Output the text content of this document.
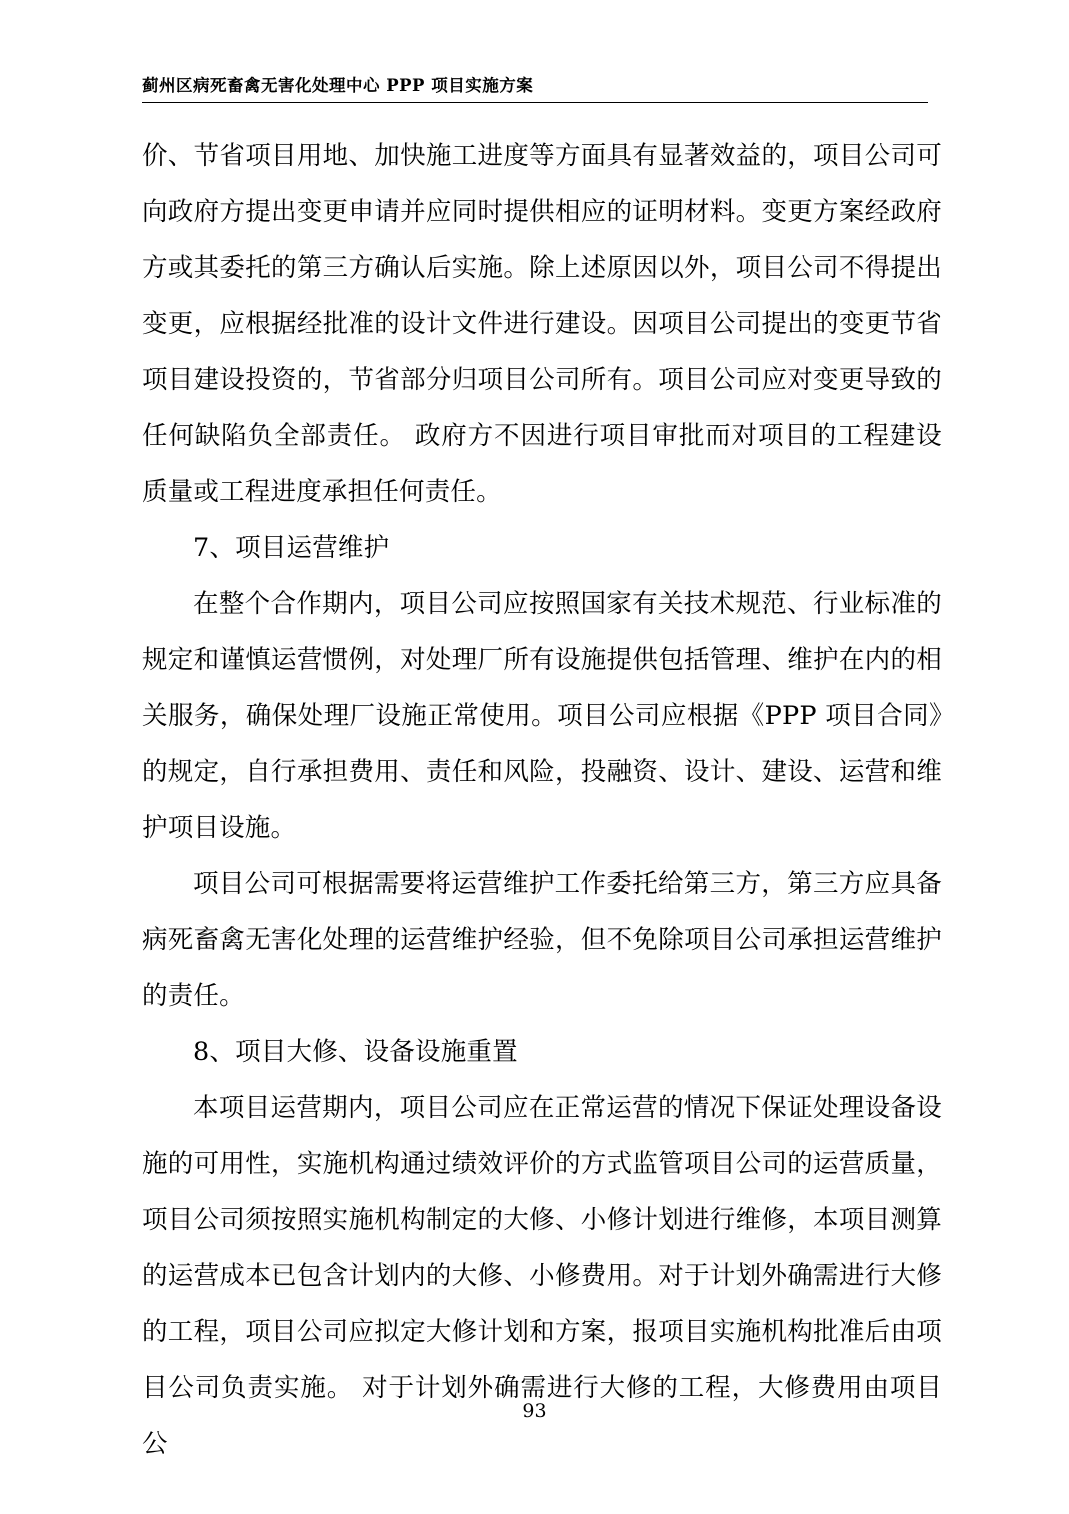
蓟州区病死畜禽无害化处理中心 PPP 项目实施方案

价、节省项目用地、加快施工进度等方面具有显著效益的，项目公司可向政府方提出变更申请并应同时提供相应的证明材料。变更方案经政府方或其委托的第三方确认后实施。除上述原因以外，项目公司不得提出变更，应根据经批准的设计文件进行建设。因项目公司提出的变更节省项目建设投资的，节省部分归项目公司所有。项目公司应对变更导致的任何缺陷负全部责任。 政府方不因进行项目审批而对项目的工程建设质量或工程进度承担任何责任。

7、项目运营维护

在整个合作期内，项目公司应按照国家有关技术规范、行业标准的规定和谨慎运营惯例，对处理厂所有设施提供包括管理、维护在内的相关服务，确保处理厂设施正常使用。项目公司应根据《PPP 项目合同》的规定，自行承担费用、责任和风险，投融资、设计、建设、运营和维护项目设施。

项目公司可根据需要将运营维护工作委托给第三方，第三方应具备病死畜禽无害化处理的运营维护经验，但不免除项目公司承担运营维护的责任。

8、项目大修、设备设施重置

本项目运营期内，项目公司应在正常运营的情况下保证处理设备设施的可用性，实施机构通过绩效评价的方式监管项目公司的运营质量，项目公司须按照实施机构制定的大修、小修计划进行维修，本项目测算的运营成本已包含计划内的大修、小修费用。对于计划外确需进行大修的工程，项目公司应拟定大修计划和方案，报项目实施机构批准后由项目公司负责实施。 对于计划外确需进行大修的工程，大修费用由项目公

93
